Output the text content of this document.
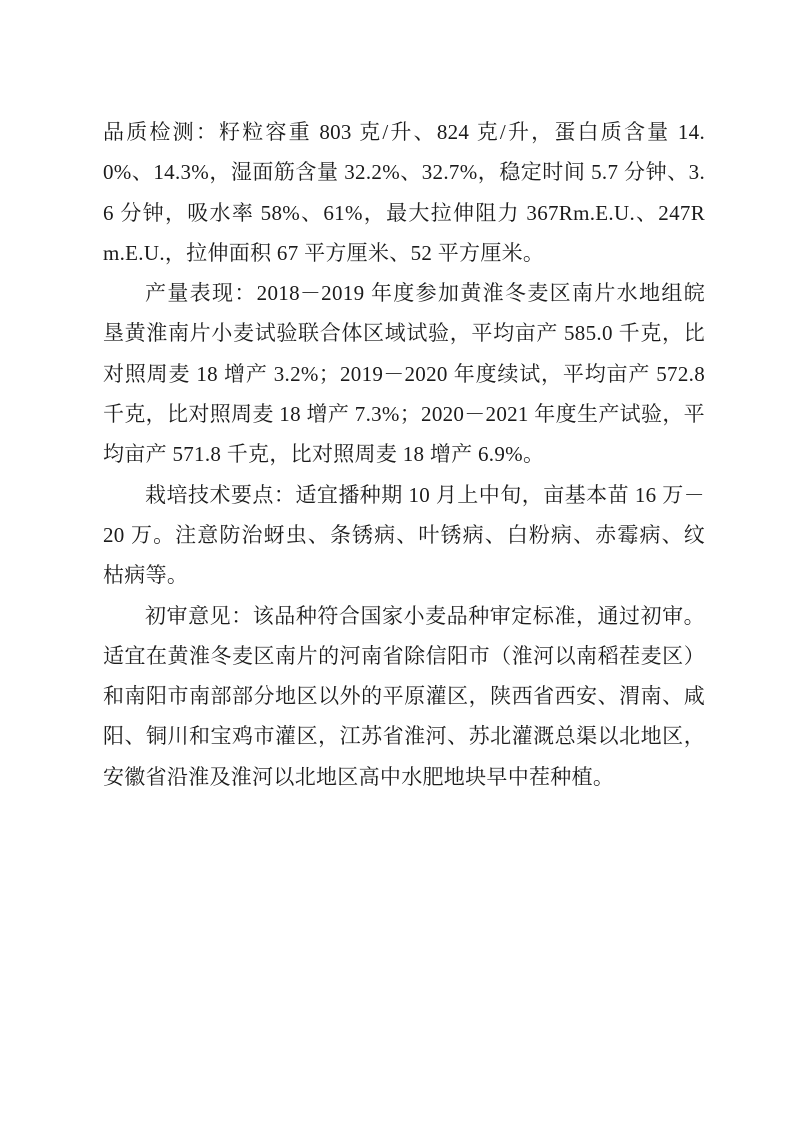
品质检测：籽粒容重 803 克/升、824 克/升，蛋白质含量 14.0%、14.3%，湿面筋含量 32.2%、32.7%，稳定时间 5.7 分钟、3.6 分钟，吸水率 58%、61%，最大拉伸阻力 367Rm.E.U.、247Rm.E.U.，拉伸面积 67 平方厘米、52 平方厘米。

产量表现：2018－2019 年度参加黄淮冬麦区南片水地组皖垦黄淮南片小麦试验联合体区域试验，平均亩产 585.0 千克，比对照周麦 18 增产 3.2%；2019－2020 年度续试，平均亩产 572.8 千克，比对照周麦 18 增产 7.3%；2020－2021 年度生产试验，平均亩产 571.8 千克，比对照周麦 18 增产 6.9%。

栽培技术要点：适宜播种期 10 月上中旬，亩基本苗 16 万－20 万。注意防治蚜虫、条锈病、叶锈病、白粉病、赤霉病、纹枯病等。

初审意见：该品种符合国家小麦品种审定标准，通过初审。适宜在黄淮冬麦区南片的河南省除信阳市（淮河以南稻茬麦区）和南阳市南部部分地区以外的平原灌区，陕西省西安、渭南、咸阳、铜川和宝鸡市灌区，江苏省淮河、苏北灌溉总渠以北地区，安徽省沿淮及淮河以北地区高中水肥地块早中茬种植。
